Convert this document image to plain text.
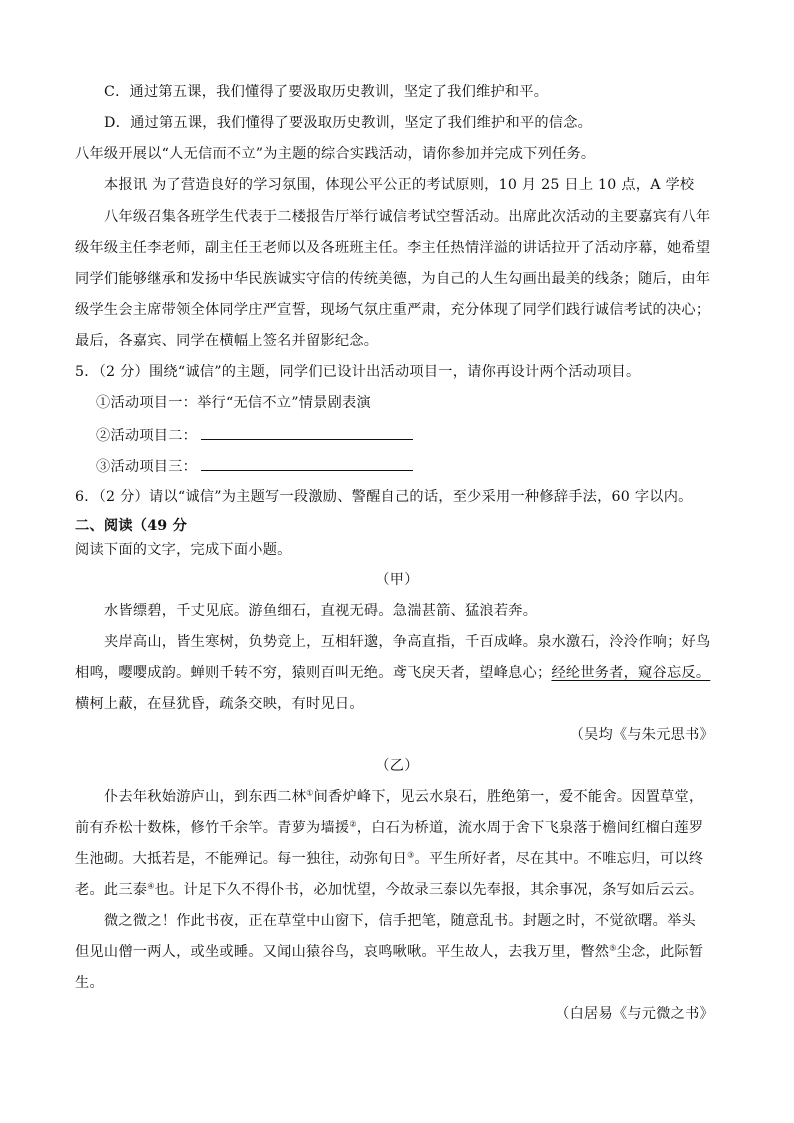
C．通过第五课，我们懂得了要汲取历史教训，坚定了我们维护和平。
D．通过第五课，我们懂得了要汲取历史教训，坚定了我们维护和平的信念。
八年级开展以“人无信而不立”为主题的综合实践活动，请你参加并完成下列任务。
本报讯 为了营造良好的学习氛围，体现公平公正的考试原则，10 月 25 日上 10 点，A 学校
八年级召集各班学生代表于二楼报告厅举行诚信考试空誓活动。出席此次活动的主要嘉宾有八年
级年级主任李老师，副主任王老师以及各班班主任。李主任热情洋溢的讲话拉开了活动序幕，她希望
同学们能够继承和发扬中华民族诚实守信的传统美德，为自己的人生勾画出最美的线条；随后，由年
级学生会主席带领全体同学庄严宣誓，现场气氛庄重严肃，充分体现了同学们践行诚信考试的决心；
最后，各嘉宾、同学在横幅上签名并留影纪念。
5．（2 分）围绕“诚信”的主题，同学们已设计出活动项目一，请你再设计两个活动项目。
①活动项目一：举行“无信不立”情景剧表演
②活动项目二：
③活动项目三：
6．（2 分）请以“诚信”为主题写一段激励、警醒自己的话，至少采用一种修辞手法，60 字以内。
二、阅读（49 分
阅读下面的文字，完成下面小题。
（甲）
水皆缥碧，千丈见底。游鱼细石，直视无碍。急湍甚箭、猛浪若奔。
夹岸高山，皆生寒树，负势竞上，互相轩邈，争高直指，千百成峰。泉水激石，泠泠作响；好鸟
相鸣，嘤嘤成韵。蝉则千转不穷，猿则百叫无绝。鸢飞戾天者，望峰息心；经纶世务者，窥谷忘反。
横柯上蔽，在昼犹昏，疏条交映，有时见日。
（吴均《与朱元思书》
（乙）
仆去年秋始游庐山，到东西二林①间香炉峰下，见云水泉石，胜绝第一，爱不能舍。因置草堂，
前有乔松十数株，修竹千余竿。青萝为墙援②，白石为桥道，流水周于舍下飞泉落于檐间红榴白莲罗
生池砌。大抵若是，不能殚记。每一独往，动弥旬日③。平生所好者，尽在其中。不唯忘归，可以终
老。此三泰④也。计足下久不得仆书，必加忧望，今故录三泰以先奉报，其余事况，条写如后云云。
微之微之！作此书夜，正在草堂中山窗下，信手把笔，随意乱书。封题之时，不觉欲曙。举头
但见山僧一两人，或坐或睡。又闻山猿谷鸟，哀鸣啾啾。平生故人，去我万里，瞥然⑤尘念，此际暂
生。
（白居易《与元微之书》
